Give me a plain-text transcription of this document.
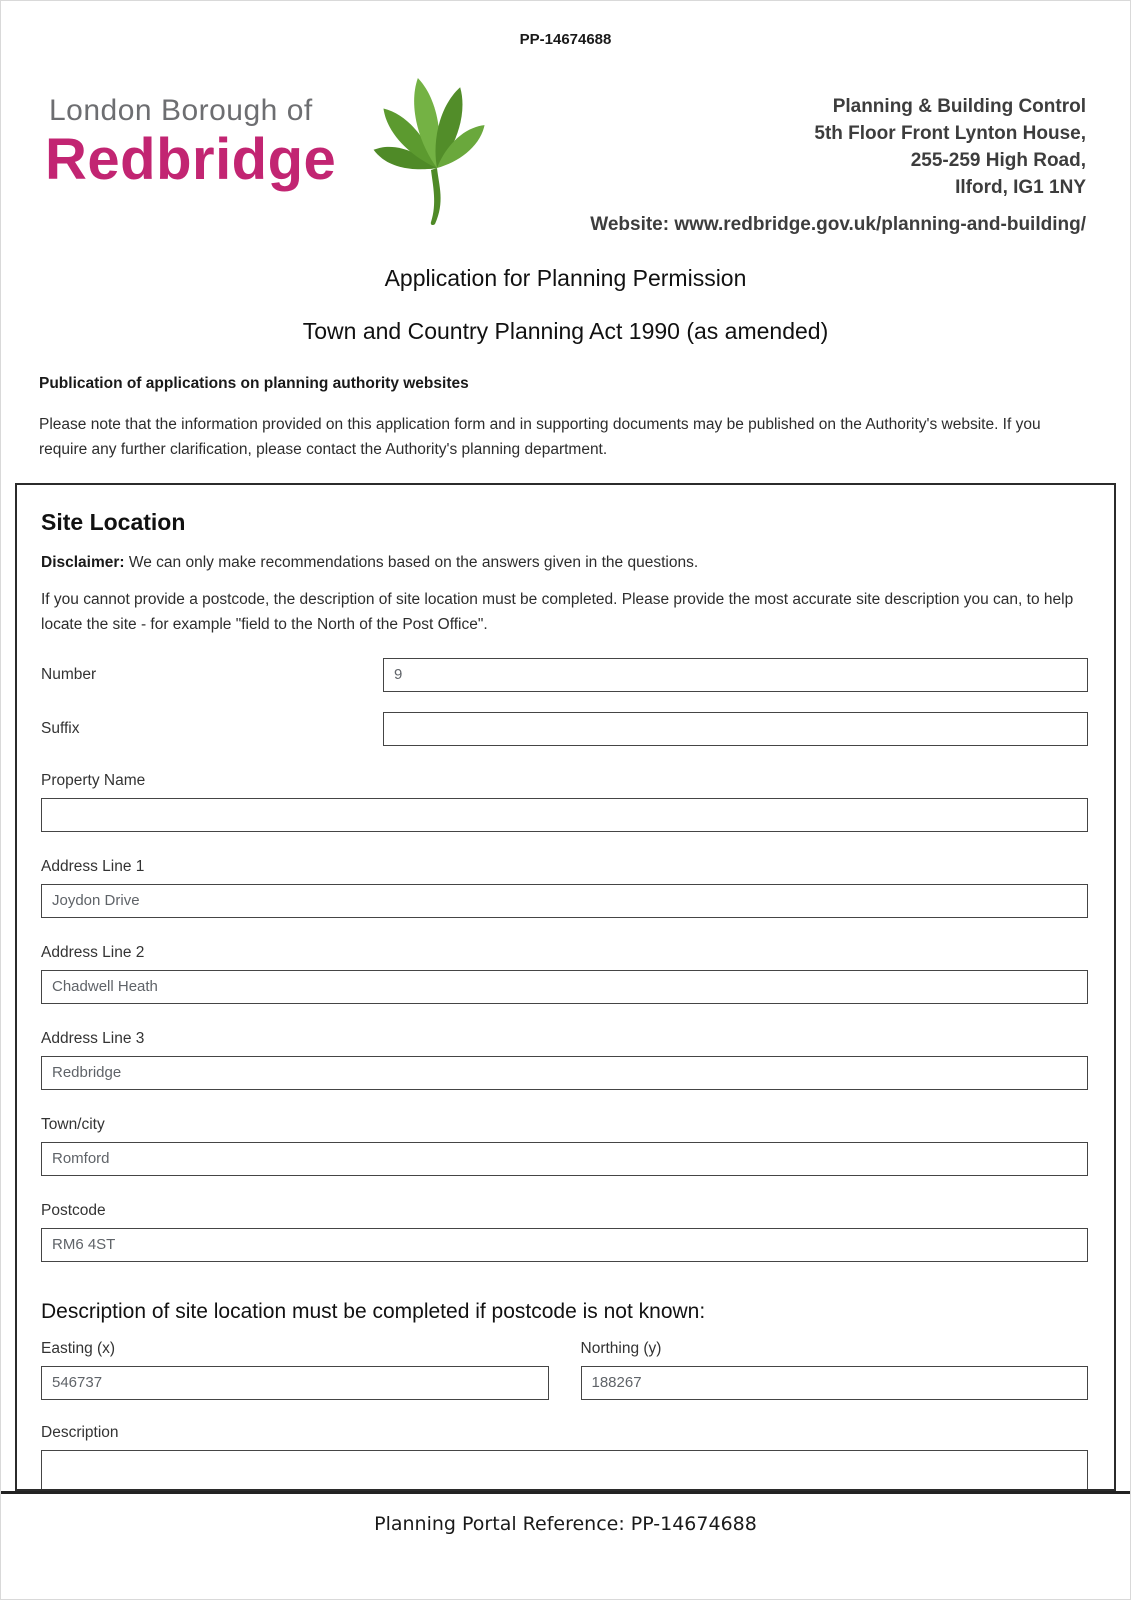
PP-14674688
London Borough of
Redbridge
Planning & Building Control
5th Floor Front Lynton House,
255-259 High Road,
Ilford, IG1 1NY
Website: www.redbridge.gov.uk/planning-and-building/
Application for Planning Permission
Town and Country Planning Act 1990 (as amended)
Publication of applications on planning authority websites
Please note that the information provided on this application form and in supporting documents may be published on the Authority's website. If you require any further clarification, please contact the Authority's planning department.
Site Location
Disclaimer: We can only make recommendations based on the answers given in the questions.
If you cannot provide a postcode, the description of site location must be completed. Please provide the most accurate site description you can, to help locate the site - for example "field to the North of the Post Office".
Number
9
Suffix
Property Name
Address Line 1
Joydon Drive
Address Line 2
Chadwell Heath
Address Line 3
Redbridge
Town/city
Romford
Postcode
RM6 4ST
Description of site location must be completed if postcode is not known:
Easting (x)
546737	Northing (y)
188267
Description
Planning Portal Reference: PP-14674688
